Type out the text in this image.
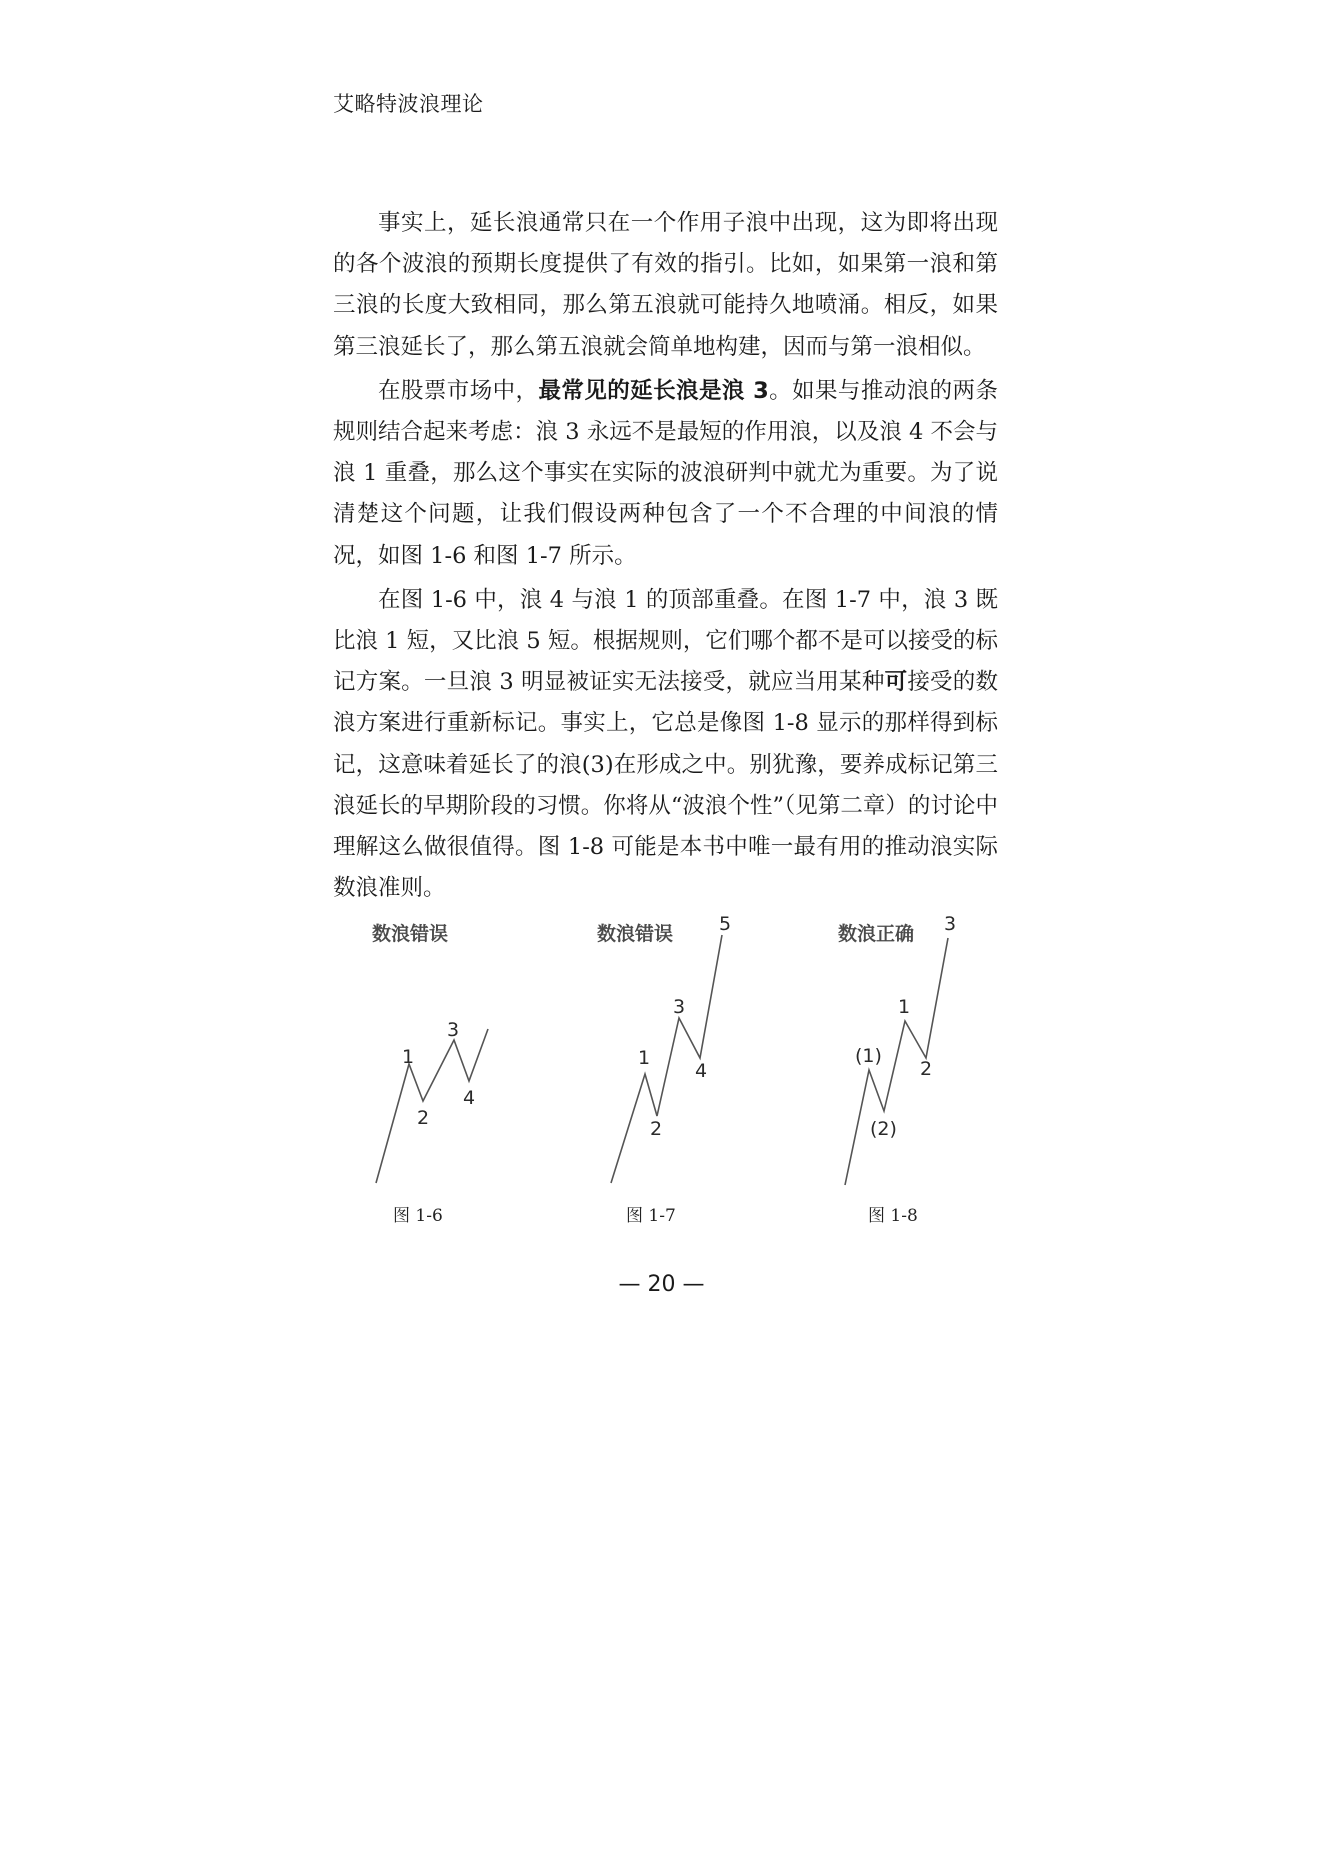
艾略特波浪理论

事实上，延长浪通常只在一个作用子浪中出现，这为即将出现的各个波浪的预期长度提供了有效的指引。比如，如果第一浪和第三浪的长度大致相同，那么第五浪就可能持久地喷涌。相反，如果第三浪延长了，那么第五浪就会简单地构建，因而与第一浪相似。

在股票市场中，最常见的延长浪是浪 3。如果与推动浪的两条规则结合起来考虑：浪 3 永远不是最短的作用浪，以及浪 4 不会与浪 1 重叠，那么这个事实在实际的波浪研判中就尤为重要。为了说清楚这个问题，让我们假设两种包含了一个不合理的中间浪的情况，如图 1-6 和图 1-7 所示。

在图 1-6 中，浪 4 与浪 1 的顶部重叠。在图 1-7 中，浪 3 既比浪 1 短，又比浪 5 短。根据规则，它们哪个都不是可以接受的标记方案。一旦浪 3 明显被证实无法接受，就应当用某种可接受的数浪方案进行重新标记。事实上，它总是像图 1-8 显示的那样得到标记，这意味着延长了的浪(3)在形成之中。别犹豫，要养成标记第三浪延长的早期阶段的习惯。你将从“波浪个性”（见第二章）的讨论中理解这么做很值得。图 1-8 可能是本书中唯一最有用的推动浪实际数浪准则。

数浪错误
1
2
3
4
图 1-6
数浪错误
1
2
3
4
5
图 1-7
数浪正确
(1)
(2)
1
2
3
图 1-8
— 20 —
